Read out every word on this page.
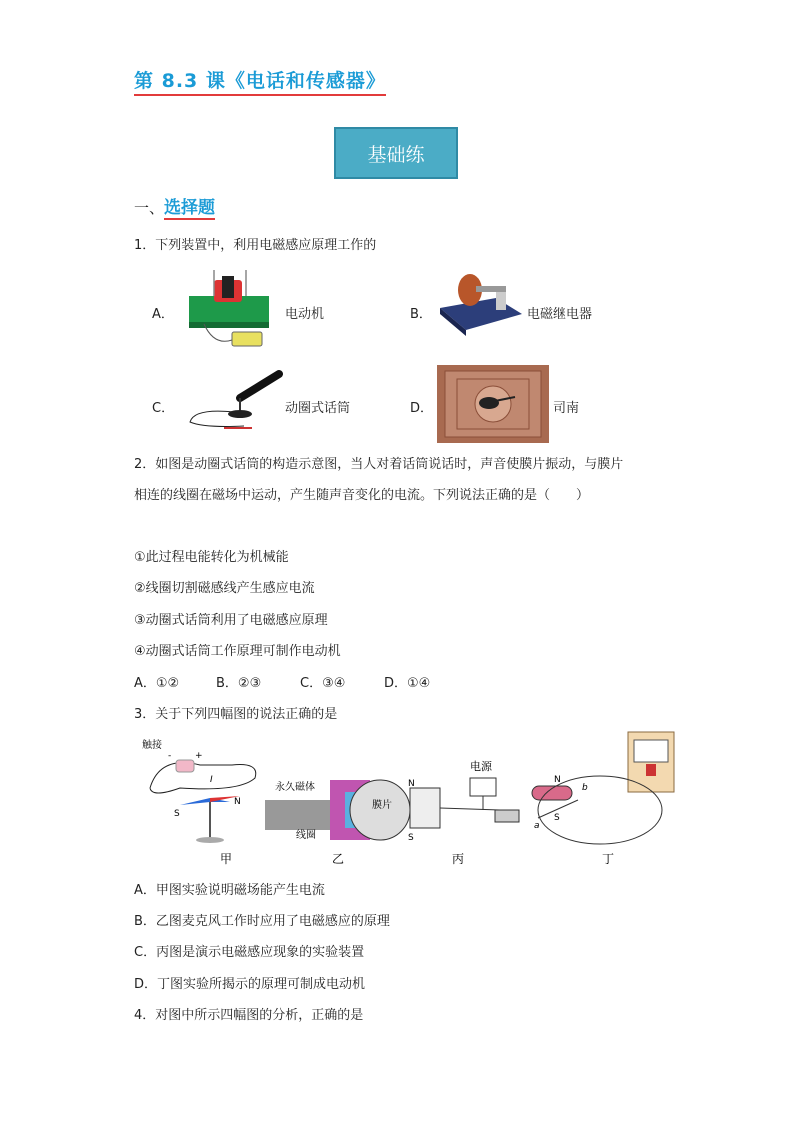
第 8.3 课《电话和传感器》
基础练
一、选择题
1．下列装置中，利用电磁感应原理工作的
A．	电动机	B．	电磁继电器
C．	动圈式话筒	D．	司南
2．如图是动圈式话筒的构造示意图，当人对着话筒说话时，声音使膜片振动，与膜片
相连的线圈在磁场中运动，产生随声音变化的电流。下列说法正确的是（　　）
①此过程电能转化为机械能
②线圈切割磁感线产生感应电流
③动圈式话筒利用了电磁感应原理
④动圈式话筒工作原理可制作电动机
A．①②	B．②③	C．③④	D．①④
3．关于下列四幅图的说法正确的是
触接
-	+
I
S
N
甲
永久磁体
膜片
线圈
乙
电源
N
S
丙
N
S
a
b
丁
A．甲图实验说明磁场能产生电流
B．乙图麦克风工作时应用了电磁感应的原理
C．丙图是演示电磁感应现象的实验装置
D．丁图实验所揭示的原理可制成电动机
4．对图中所示四幅图的分析，正确的是
